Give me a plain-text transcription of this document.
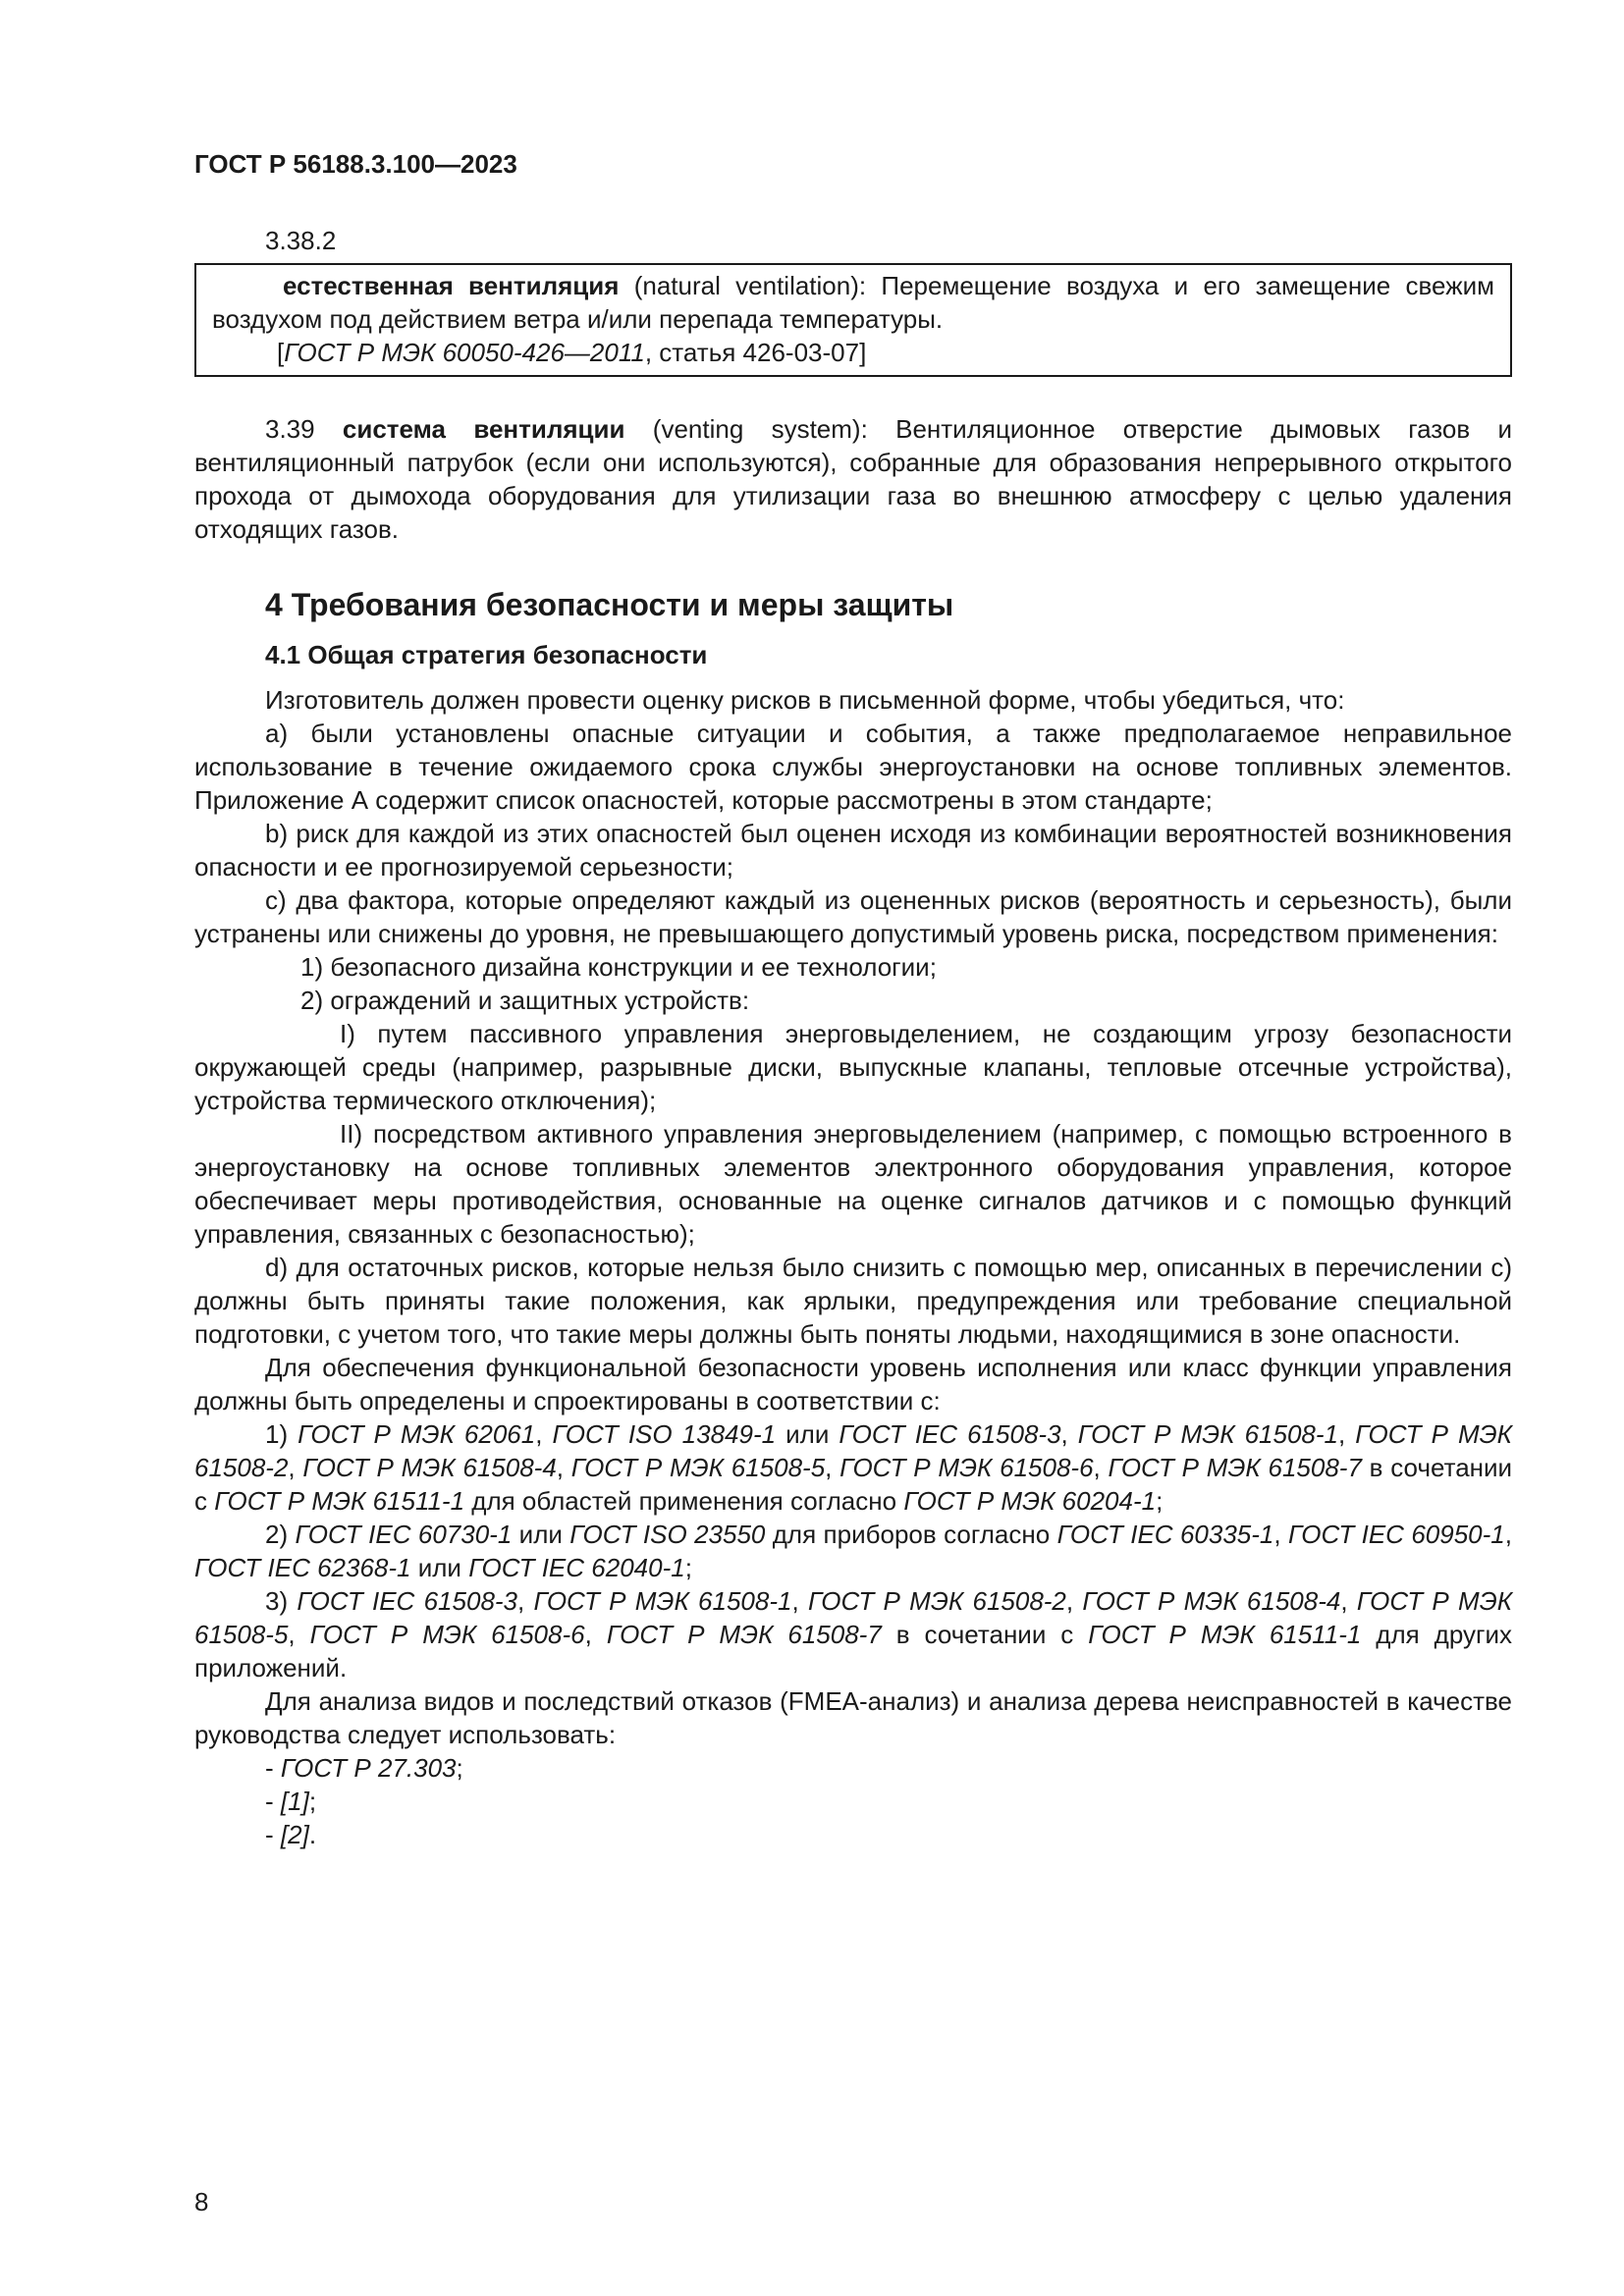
ГОСТ Р 56188.3.100—2023
3.38.2
естественная вентиляция (natural ventilation): Перемещение воздуха и его замещение свежим воздухом под действием ветра и/или перепада температуры.
[ГОСТ Р МЭК 60050-426—2011, статья 426-03-07]
3.39 система вентиляции (venting system): Вентиляционное отверстие дымовых газов и вентиляционный патрубок (если они используются), собранные для образования непрерывного открытого прохода от дымохода оборудования для утилизации газа во внешнюю атмосферу с целью удаления отходящих газов.
4 Требования безопасности и меры защиты
4.1 Общая стратегия безопасности
Изготовитель должен провести оценку рисков в письменной форме, чтобы убедиться, что:
a) были установлены опасные ситуации и события, а также предполагаемое неправильное использование в течение ожидаемого срока службы энергоустановки на основе топливных элементов. Приложение А содержит список опасностей, которые рассмотрены в этом стандарте;
b) риск для каждой из этих опасностей был оценен исходя из комбинации вероятностей возникновения опасности и ее прогнозируемой серьезности;
c) два фактора, которые определяют каждый из оцененных рисков (вероятность и серьезность), были устранены или снижены до уровня, не превышающего допустимый уровень риска, посредством применения:
1) безопасного дизайна конструкции и ее технологии;
2) ограждений и защитных устройств:
I) путем пассивного управления энерговыделением, не создающим угрозу безопасности окружающей среды (например, разрывные диски, выпускные клапаны, тепловые отсечные устройства), устройства термического отключения);
II) посредством активного управления энерговыделением (например, с помощью встроенного в энергоустановку на основе топливных элементов электронного оборудования управления, которое обеспечивает меры противодействия, основанные на оценке сигналов датчиков и с помощью функций управления, связанных с безопасностью);
d) для остаточных рисков, которые нельзя было снизить с помощью мер, описанных в перечислении с) должны быть приняты такие положения, как ярлыки, предупреждения или требование специальной подготовки, с учетом того, что такие меры должны быть поняты людьми, находящимися в зоне опасности.
Для обеспечения функциональной безопасности уровень исполнения или класс функции управления должны быть определены и спроектированы в соответствии с:
1) ГОСТ Р МЭК 62061, ГОСТ ISO 13849-1 или ГОСТ IEC 61508-3, ГОСТ Р МЭК 61508-1, ГОСТ Р МЭК 61508-2, ГОСТ Р МЭК 61508-4, ГОСТ Р МЭК 61508-5, ГОСТ Р МЭК 61508-6, ГОСТ Р МЭК 61508-7 в сочетании с ГОСТ Р МЭК 61511-1 для областей применения согласно ГОСТ Р МЭК 60204-1;
2) ГОСТ IEC 60730-1 или ГОСТ ISO 23550 для приборов согласно ГОСТ IEC 60335-1, ГОСТ IEC 60950-1, ГОСТ IEC 62368-1 или ГОСТ IEC 62040-1;
3) ГОСТ IEC 61508-3, ГОСТ Р МЭК 61508-1, ГОСТ Р МЭК 61508-2, ГОСТ Р МЭК 61508-4, ГОСТ Р МЭК 61508-5, ГОСТ Р МЭК 61508-6, ГОСТ Р МЭК 61508-7 в сочетании с ГОСТ Р МЭК 61511-1 для других приложений.
Для анализа видов и последствий отказов (FMEA-анализ) и анализа дерева неисправностей в качестве руководства следует использовать:
- ГОСТ Р 27.303;
- [1];
- [2].
8
